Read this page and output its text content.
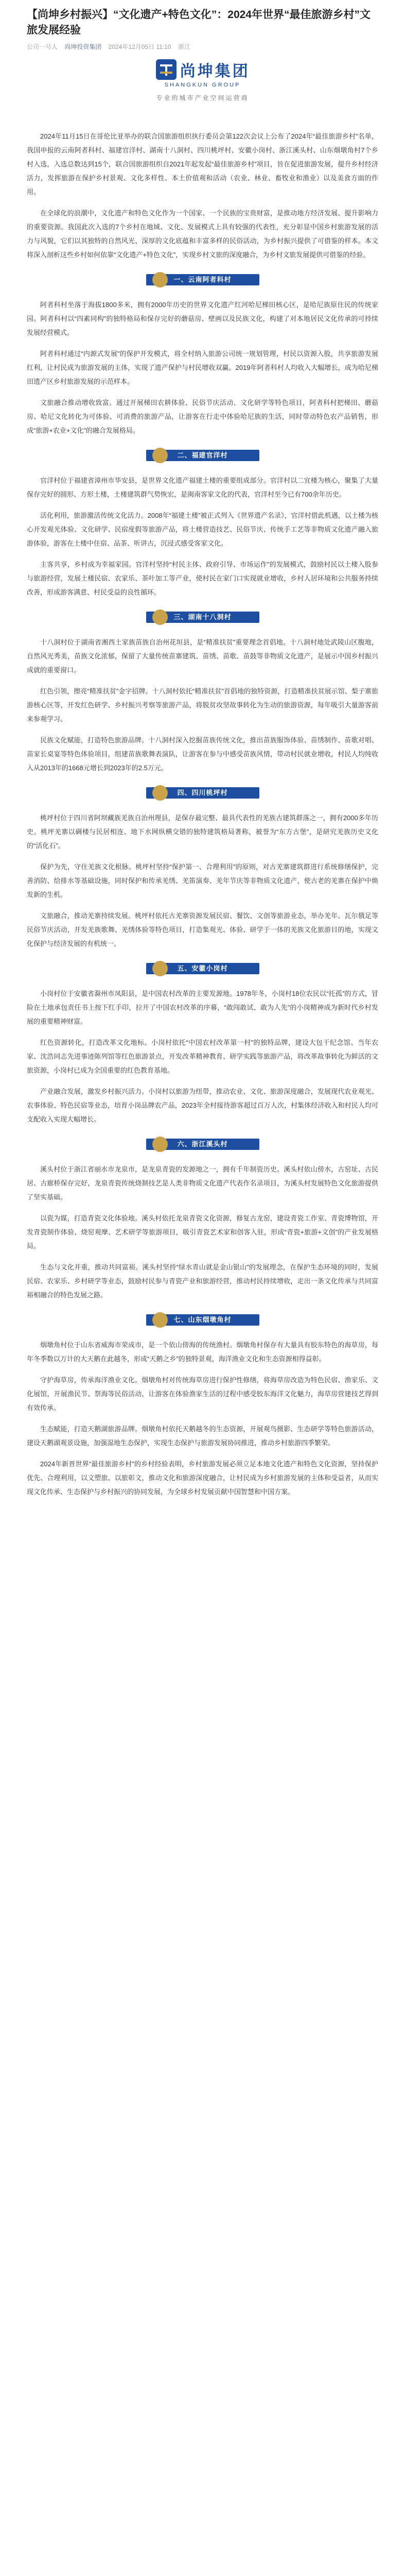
【尚坤乡村振兴】“文化遗产+特色文化”：2024年世界“最佳旅游乡村”文旅发展经验
公司一号人 尚坤投资集团 2024年12月05日 11:10 浙江
尚坤集团
SHANGKUN GROUP
专业的城市产业空间运营商

2024年11月15日在哥伦比亚举办的联合国旅游组织执行委员会第122次会议上公布了2024年“最佳旅游乡村”名单，我国申报的云南阿者科村、福建官洋村、湖南十八洞村、四川桃坪村、安徽小岗村、浙江溪头村、山东烟墩角村7个乡村入选，入选总数达到15个，联合国旅游组织自2021年起发起“最佳旅游乡村”项目，旨在促进旅游发展，提升乡村经济活力，发挥旅游在保护乡村景观、文化多样性、本土价值观和活动（农业、林业、畜牧业和渔业）以及美食方面的作用。

在全球化的浪潮中，文化遗产和特色文化作为一个国家、一个民族的宝贵财富，是推动地方经济发展、提升影响力的重要资源。我国此次入选的7个乡村在地域、文化、发展模式上具有较强的代表性，充分彰显中国乡村旅游发展的活力与风貌，它们以其独特的自然风光、深厚的文化底蕴和丰富多样的民俗活动，为乡村振兴提供了可借鉴的样本。本文将深入剖析这些乡村如何依靠“文化遗产+特色文化”，实现乡村文旅的深度融合，为乡村文旅发展提供可借鉴的经验。

一、云南阿者科村

阿者科村坐落于海拔1800多米，拥有2000年历史的世界文化遗产红河哈尼梯田核心区，是哈尼族原住民的传统家园。阿者科村以“四素同构”的独特格局和保存完好的蘑菇房、壁画以及民族文化，构建了对本地居民文化传承的可持续发展经营模式。

阿者科村通过“内源式发展”的保护开发模式，将全村纳入旅游公司统一规划管理，村民以资源入股，共享旅游发展红利，让村民成为旅游发展的主体，实现了遗产保护与村民增收双赢。2019年阿者科村人均收入大幅增长，成为哈尼梯田遗产区乡村旅游发展的示范样本。

文旅融合推动增收致富。通过开展梯田农耕体验、民俗节庆活动、文化研学等特色项目，阿者科村把梯田、蘑菇房、哈尼文化转化为可体验、可消费的旅游产品，让游客在行走中体验哈尼族的生活，同时带动特色农产品销售，形成“旅游+农业+文化”的融合发展格局。

二、福建官洋村

官洋村位于福建省漳州市华安县，是世界文化遗产福建土楼的重要组成部分。官洋村以二宜楼为核心，聚集了大量保存完好的圆形、方形土楼，土楼建筑群气势恢宏，是闽南客家文化的代表，官洋村至今已有700余年历史。

活化利用，旅游激活传统文化活力。2008年“福建土楼”被正式列入《世界遗产名录》，官洋村借此机遇，以土楼为核心开发观光体验、文化研学、民宿度假等旅游产品，将土楼营造技艺、民俗节庆、传统手工艺等非物质文化遗产融入旅游体验，游客在土楼中住宿、品茶、听讲古，沉浸式感受客家文化。

主客共享，乡村成为幸福家园。官洋村坚持“村民主体、政府引导、市场运作”的发展模式，鼓励村民以土楼入股参与旅游经营，发展土楼民宿、农家乐、茶叶加工等产业，使村民在家门口实现就业增收，乡村人居环境和公共服务持续改善，形成游客满意、村民受益的良性循环。

三、湖南十八洞村

十八洞村位于湖南省湘西土家族苗族自治州花垣县，是“精准扶贫”重要理念首倡地。十八洞村地处武陵山区腹地，自然风光秀美，苗族文化浓郁，保留了大量传统苗寨建筑、苗绣、苗歌、苗鼓等非物质文化遗产，是展示中国乡村振兴成就的重要窗口。

红色引领，擦亮“精准扶贫”金字招牌。十八洞村依托“精准扶贫”首倡地的独特资源，打造精准扶贫展示馆、梨子寨旅游核心区等，开发红色研学、乡村振兴考察等旅游产品，将脱贫攻坚故事转化为生动的旅游资源，每年吸引大量游客前来参观学习。

民族文化赋能，打造特色旅游品牌。十八洞村深入挖掘苗族传统文化，推出苗族服饰体验、苗绣制作、苗歌对唱、苗家长桌宴等特色体验项目，组建苗族歌舞表演队，让游客在参与中感受苗族风情，带动村民就业增收，村民人均纯收入从2013年的1668元增长到2023年的2.5万元。

四、四川桃坪村

桃坪村位于四川省阿坝藏族羌族自治州理县，是保存最完整、最具代表性的羌族古建筑群落之一，拥有2000多年历史。桃坪羌寨以碉楼与民居相连、地下水网纵横交错的独特建筑格局著称，被誉为“东方古堡”，是研究羌族历史文化的“活化石”。

保护为先，守住羌族文化根脉。桃坪村坚持“保护第一、合理利用”的原则，对古羌寨建筑群进行系统修缮保护，完善消防、给排水等基础设施，同时保护和传承羌绣、羌笛演奏、羌年节庆等非物质文化遗产，使古老的羌寨在保护中焕发新的生机。

文旅融合，推动羌寨持续发展。桃坪村依托古羌寨资源发展民宿、餐饮、文创等旅游业态，举办羌年、瓦尔俄足等民俗节庆活动，开发羌族歌舞、羌绣体验等特色项目，打造集观光、体验、研学于一体的羌族文化旅游目的地，实现文化保护与经济发展的有机统一。

五、安徽小岗村

小岗村位于安徽省滁州市凤阳县，是中国农村改革的主要发源地。1978年冬，小岗村18位农民以“托孤”的方式，冒险在土地承包责任书上按下红手印，拉开了中国农村改革的序幕，“敢闯敢试、敢为人先”的小岗精神成为新时代乡村发展的重要精神财富。

红色资源转化，打造改革文化地标。小岗村依托“中国农村改革第一村”的独特品牌，建设大包干纪念馆、当年农家、沈浩同志先进事迹陈列馆等红色旅游景点，开发改革精神教育、研学实践等旅游产品，将改革故事转化为鲜活的文旅资源，小岗村已成为全国重要的红色教育基地。

产业融合发展，激发乡村振兴活力。小岗村以旅游为纽带，推动农业、文化、旅游深度融合，发展现代农业观光、农事体验、特色民宿等业态，培育小岗品牌农产品，2023年全村接待游客超过百万人次，村集体经济收入和村民人均可支配收入实现大幅增长。

六、浙江溪头村

溪头村位于浙江省丽水市龙泉市，是龙泉青瓷的发源地之一，拥有千年制瓷历史。溪头村依山傍水，古窑址、古民居、古廊桥保存完好，龙泉青瓷传统烧制技艺是人类非物质文化遗产代表作名录项目，为溪头村发展特色文化旅游提供了坚实基础。

以瓷为媒，打造青瓷文化体验地。溪头村依托龙泉青瓷文化资源，修复古龙窑，建设青瓷工作室、青瓷博物馆，开发青瓷制作体验、烧窑观摩、艺术研学等旅游项目，吸引青瓷艺术家和创客入驻，形成“青瓷+旅游+文创”的产业发展格局。

生态与文化并重，推动共同富裕。溪头村坚持“绿水青山就是金山银山”的发展理念，在保护生态环境的同时，发展民宿、农家乐、乡村研学等业态，鼓励村民参与青瓷产业和旅游经营，推动村民持续增收，走出一条文化传承与共同富裕相融合的特色发展之路。

七、山东烟墩角村

烟墩角村位于山东省威海市荣成市，是一个依山傍海的传统渔村。烟墩角村保存有大量具有胶东特色的海草房，每年冬季数以万计的大天鹅在此越冬，形成“天鹅之乡”的独特景观，海洋渔业文化和生态资源相得益彰。

守护海草房，传承海洋渔业文化。烟墩角村对传统海草房进行保护性修缮，将海草房改造为特色民宿、渔家乐、文化展馆，开展渔民节、祭海等民俗活动，让游客在体验渔家生活的过程中感受胶东海洋文化魅力，海草房营建技艺得到有效传承。

生态赋能，打造天鹅湖旅游品牌。烟墩角村依托天鹅越冬的生态资源，开展观鸟摄影、生态研学等特色旅游活动，建设天鹅湖观景设施，加强湿地生态保护，实现生态保护与旅游发展协同推进，推动乡村旅游四季繁荣。

2024年新晋世界“最佳旅游乡村”的乡村经验表明，乡村旅游发展必须立足本地文化遗产和特色文化资源，坚持保护优先、合理利用，以文塑旅、以旅彰文，推动文化和旅游深度融合，让村民成为乡村旅游发展的主体和受益者，从而实现文化传承、生态保护与乡村振兴的协同发展，为全球乡村发展贡献中国智慧和中国方案。
